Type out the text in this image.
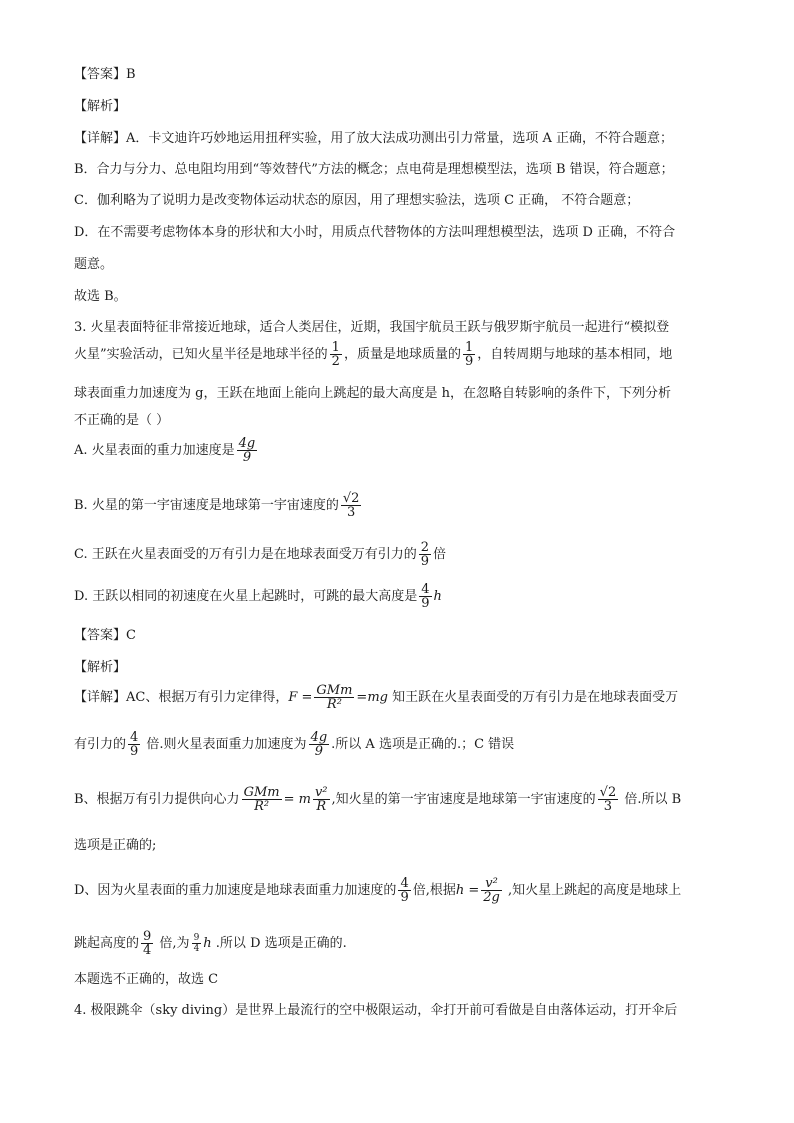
【答案】B
【解析】
【详解】A．卡文迪许巧妙地运用扭秤实验，用了放大法成功测出引力常量，选项 A 正确，不符合题意；
B．合力与分力、总电阻均用到“等效替代”方法的概念；点电荷是理想模型法，选项 B 错误，符合题意；
C．伽利略为了说明力是改变物体运动状态的原因，用了理想实验法，选项 C 正确， 不符合题意；
D．在不需要考虑物体本身的形状和大小时，用质点代替物体的方法叫理想模型法，选项 D 正确，不符合
题意。
故选 B。
3. 火星表面特征非常接近地球，适合人类居住，近期，我国宇航员王跃与俄罗斯宇航员一起进行“模拟登
火星”实验活动，已知火星半径是地球半径的 $\frac{1}{2}$ ，质量是地球质量的 $\frac{1}{9}$ ，自转周期与地球的基本相同，地
球表面重力加速度为 g，王跃在地面上能向上跳起的最大高度是 h，在忽略自转影响的条件下，下列分析
不正确的是（ ）
A. 火星表面的重力加速度是 $\frac{4g}{9}$
B. 火星的第一宇宙速度是地球第一宇宙速度的 $\frac{√2}{3}$
C. 王跃在火星表面受的万有引力是在地球表面受万有引力的 $\frac{2}{9}$ 倍
D. 王跃以相同的初速度在火星上起跳时，可跳的最大高度是 $\frac{4}{9}$ h
【答案】C
【解析】
【详解】AC、根据万有引力定律得，$F = \frac{\text{GMm}}{\text{R²}} =mg$ 知王跃在火星表面受的万有引力是在地球表面受万
有引力的 $\frac{4}{9}$ 倍.则火星表面重力加速度为 $\frac{4g}{9}$ .所以 A 选项是正确的.；C 错误
B、根据万有引力提供向心力 $\frac{\text{GMm}}{\text{R²}} = m \frac{\text{v²}}{R}$ ,知火星的第一宇宙速度是地球第一宇宙速度的 $\frac{√2}{3}$ 倍.所以 B
选项是正确的;
D、因为火星表面的重力加速度是地球表面重力加速度的 $\frac{4}{9}$ 倍,根据$h = \frac{\text{v²}}{2g}$ ,知火星上跳起的高度是地球上
跳起高度的 $\frac{9}{4}$ 倍,为 $\frac{9}{4}$ h .所以 D 选项是正确的.
本题选不正确的，故选 C
4. 极限跳伞（sky diving）是世界上最流行的空中极限运动，伞打开前可看做是自由落体运动，打开伞后
